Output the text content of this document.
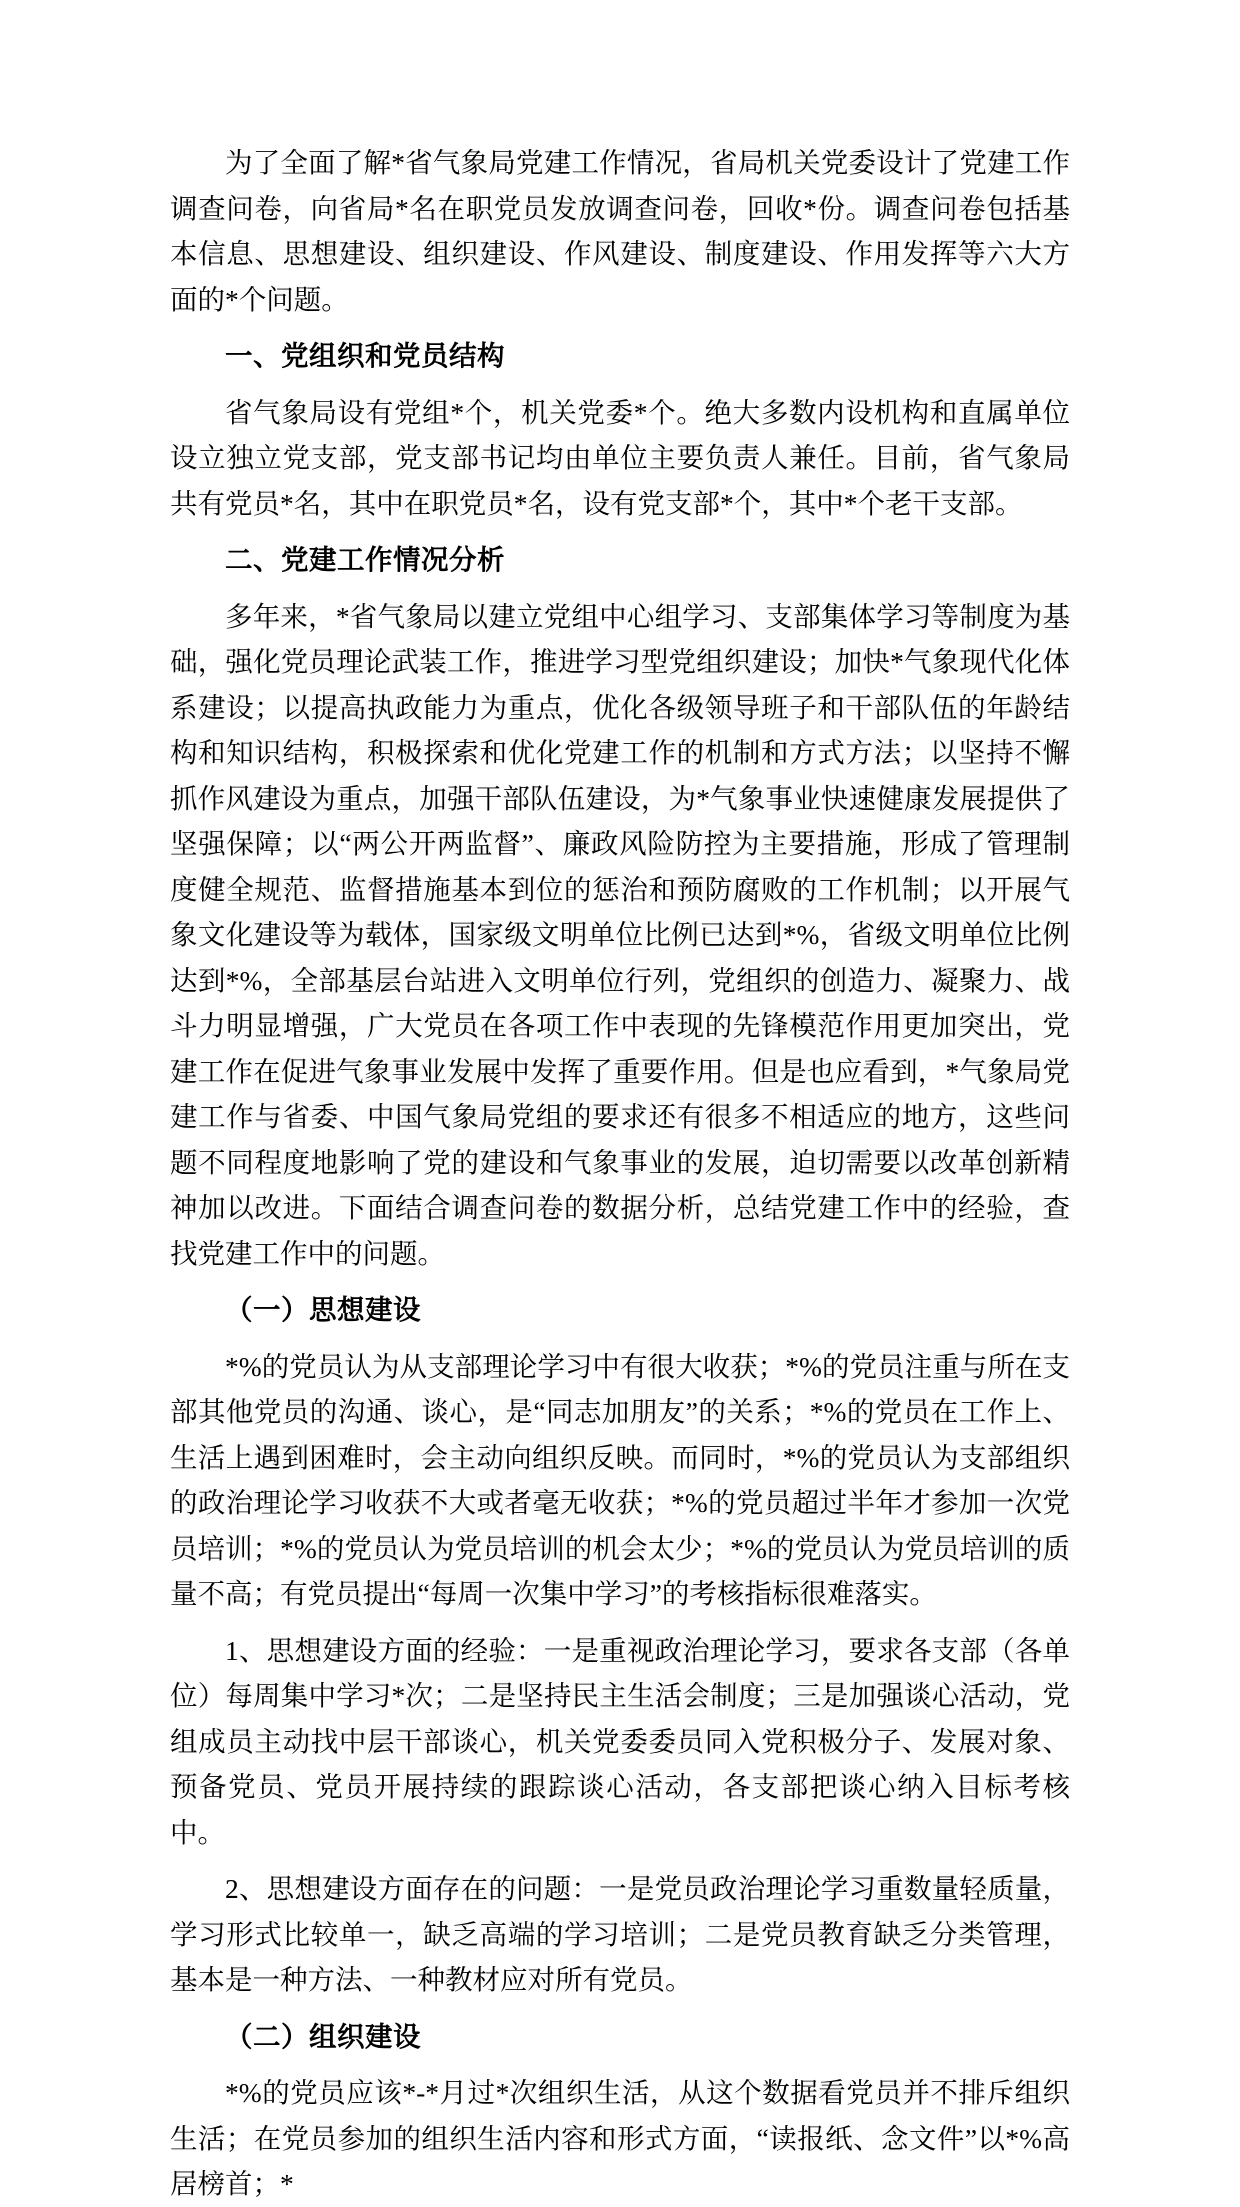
为了全面了解*省气象局党建工作情况，省局机关党委设计了党建工作调查问卷，向省局*名在职党员发放调查问卷，回收*份。调查问卷包括基本信息、思想建设、组织建设、作风建设、制度建设、作用发挥等六大方面的*个问题。

一、党组织和党员结构

省气象局设有党组*个，机关党委*个。绝大多数内设机构和直属单位设立独立党支部，党支部书记均由单位主要负责人兼任。目前，省气象局共有党员*名，其中在职党员*名，设有党支部*个，其中*个老干支部。

二、党建工作情况分析

多年来，*省气象局以建立党组中心组学习、支部集体学习等制度为基础，强化党员理论武装工作，推进学习型党组织建设；加快*气象现代化体系建设；以提高执政能力为重点，优化各级领导班子和干部队伍的年龄结构和知识结构，积极探索和优化党建工作的机制和方式方法；以坚持不懈抓作风建设为重点，加强干部队伍建设，为*气象事业快速健康发展提供了坚强保障；以“两公开两监督”、廉政风险防控为主要措施，形成了管理制度健全规范、监督措施基本到位的惩治和预防腐败的工作机制；以开展气象文化建设等为载体，国家级文明单位比例已达到*%，省级文明单位比例达到*%，全部基层台站进入文明单位行列，党组织的创造力、凝聚力、战斗力明显增强，广大党员在各项工作中表现的先锋模范作用更加突出，党建工作在促进气象事业发展中发挥了重要作用。但是也应看到，*气象局党建工作与省委、中国气象局党组的要求还有很多不相适应的地方，这些问题不同程度地影响了党的建设和气象事业的发展，迫切需要以改革创新精神加以改进。下面结合调查问卷的数据分析，总结党建工作中的经验，查找党建工作中的问题。

（一）思想建设

*%的党员认为从支部理论学习中有很大收获；*%的党员注重与所在支部其他党员的沟通、谈心，是“同志加朋友”的关系；*%的党员在工作上、生活上遇到困难时，会主动向组织反映。而同时，*%的党员认为支部组织的政治理论学习收获不大或者毫无收获；*%的党员超过半年才参加一次党员培训；*%的党员认为党员培训的机会太少；*%的党员认为党员培训的质量不高；有党员提出“每周一次集中学习”的考核指标很难落实。

1、思想建设方面的经验：一是重视政治理论学习，要求各支部（各单位）每周集中学习*次；二是坚持民主生活会制度；三是加强谈心活动，党组成员主动找中层干部谈心，机关党委委员同入党积极分子、发展对象、预备党员、党员开展持续的跟踪谈心活动，各支部把谈心纳入目标考核中。

2、思想建设方面存在的问题：一是党员政治理论学习重数量轻质量，学习形式比较单一，缺乏高端的学习培训；二是党员教育缺乏分类管理，基本是一种方法、一种教材应对所有党员。

（二）组织建设

*%的党员应该*-*月过*次组织生活，从这个数据看党员并不排斥组织生活；在党员参加的组织生活内容和形式方面，“读报纸、念文件”以*%高居榜首；*
